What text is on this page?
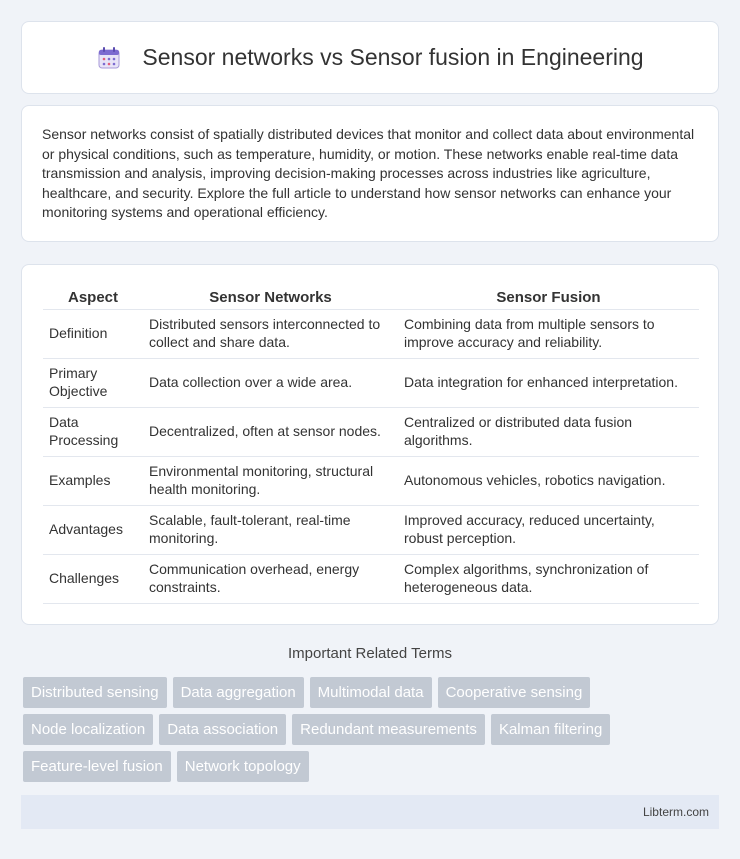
Sensor networks vs Sensor fusion in Engineering

Sensor networks consist of spatially distributed devices that monitor and collect data about environmental or physical conditions, such as temperature, humidity, or motion. These networks enable real-time data transmission and analysis, improving decision-making processes across industries like agriculture, healthcare, and security. Explore the full article to understand how sensor networks can enhance your monitoring systems and operational efficiency.

Aspect	Sensor Networks	Sensor Fusion
Definition	Distributed sensors interconnected to collect and share data.	Combining data from multiple sensors to improve accuracy and reliability.
Primary Objective	Data collection over a wide area.	Data integration for enhanced interpretation.
Data Processing	Decentralized, often at sensor nodes.	Centralized or distributed data fusion algorithms.
Examples	Environmental monitoring, structural health monitoring.	Autonomous vehicles, robotics navigation.
Advantages	Scalable, fault-tolerant, real-time monitoring.	Improved accuracy, reduced uncertainty, robust perception.
Challenges	Communication overhead, energy constraints.	Complex algorithms, synchronization of heterogeneous data.
Important Related Terms
Distributed sensing	Data aggregation	Multimodal data	Cooperative sensing
Node localization	Data association	Redundant measurements	Kalman filtering
Feature-level fusion	Network topology
Libterm.com
